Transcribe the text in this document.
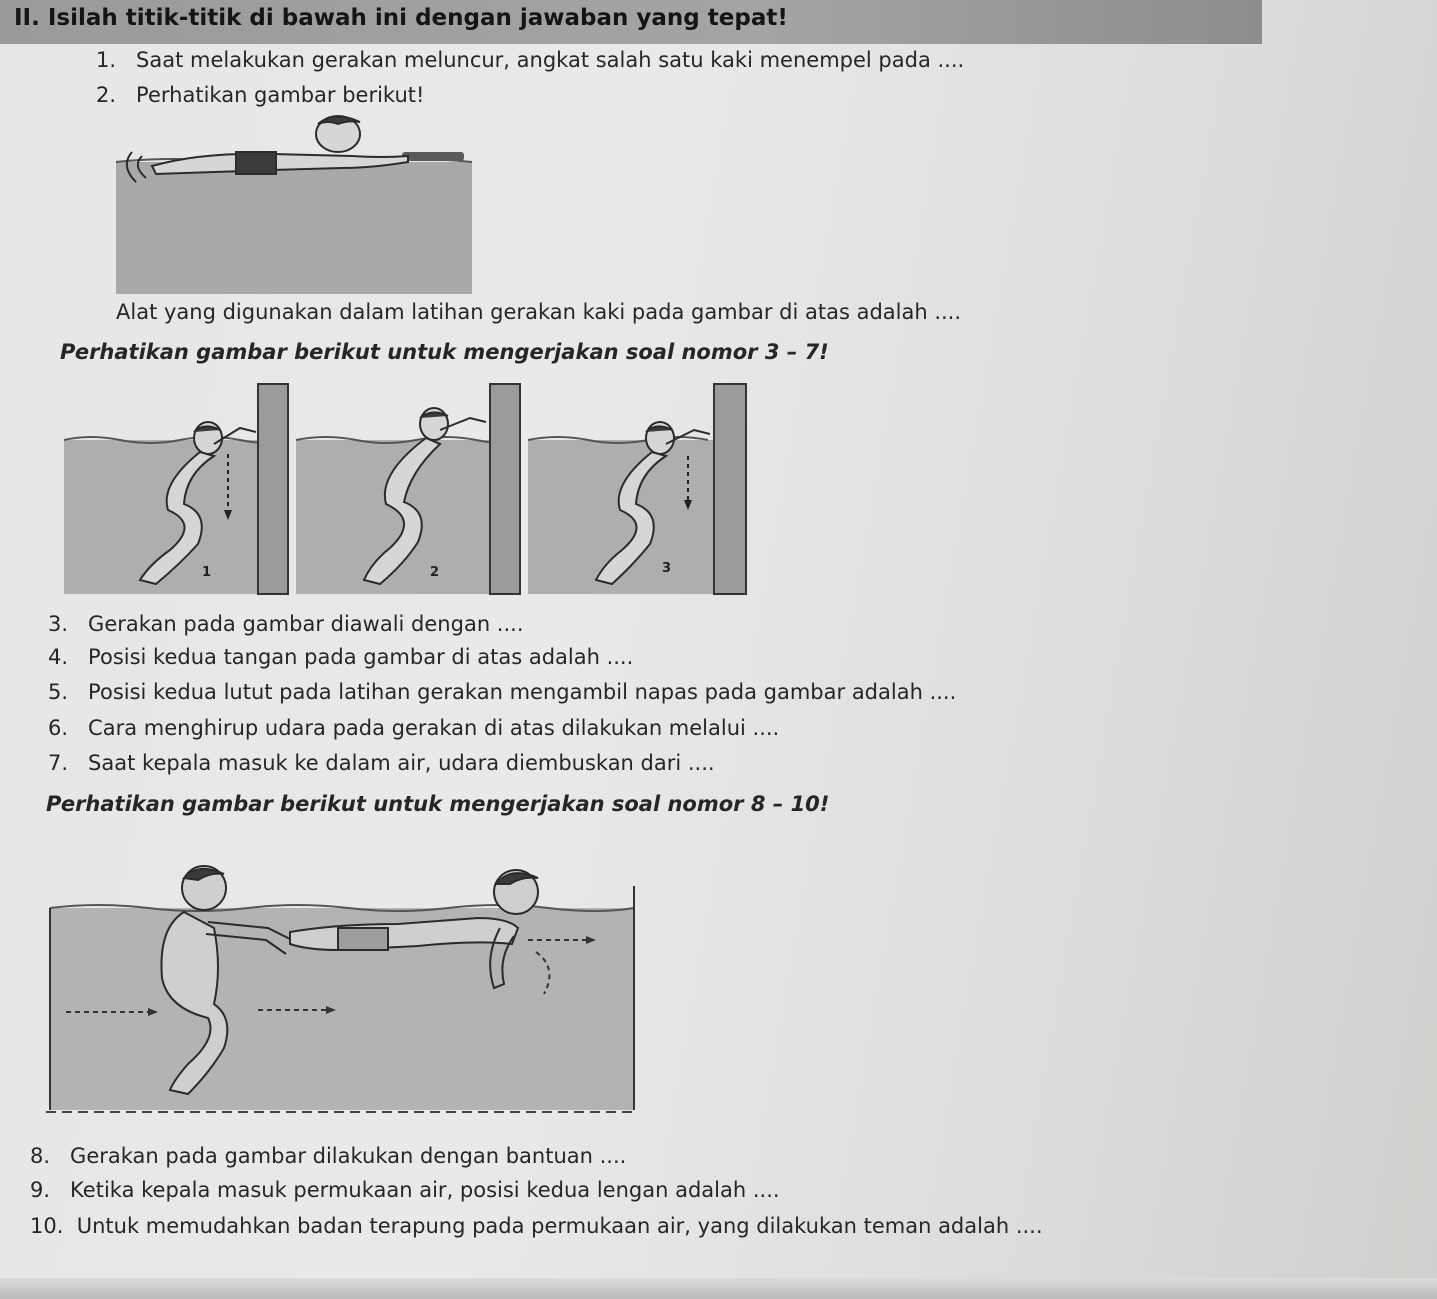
II. Isilah titik-titik di bawah ini dengan jawaban yang tepat!

1.   Saat melakukan gerakan meluncur, angkat salah satu kaki menempel pada ....

2.   Perhatikan gambar berikut!

Alat yang digunakan dalam latihan gerakan kaki pada gambar di atas adalah ....

Perhatikan gambar berikut untuk mengerjakan soal nomor 3 – 7!

1	2	3

3.   Gerakan pada gambar diawali dengan ....

4.   Posisi kedua tangan pada gambar di atas adalah ....

5.   Posisi kedua lutut pada latihan gerakan mengambil napas pada gambar adalah ....

6.   Cara menghirup udara pada gerakan di atas dilakukan melalui ....

7.   Saat kepala masuk ke dalam air, udara diembuskan dari ....

Perhatikan gambar berikut untuk mengerjakan soal nomor 8 – 10!

8.   Gerakan pada gambar dilakukan dengan bantuan ....

9.   Ketika kepala masuk permukaan air, posisi kedua lengan adalah ....

10.  Untuk memudahkan badan terapung pada permukaan air, yang dilakukan teman adalah ....
